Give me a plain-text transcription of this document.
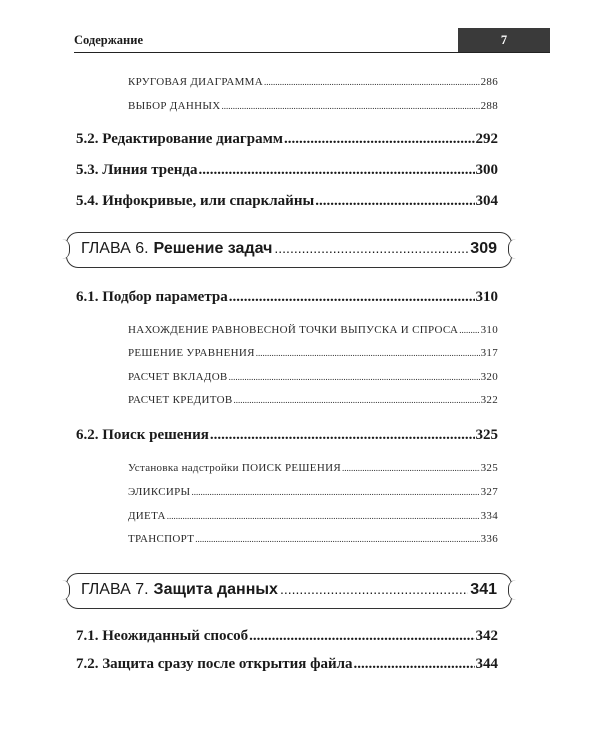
Содержание	7
КРУГОВАЯ ДИАГРАММА .....	286
ВЫБОР ДАННЫХ .....	288
5.2. Редактирование диаграмм .....	292
5.3. Линия тренда .....	300
5.4. Инфокривые, или спарклайны .....	304
ГЛАВА 6. Решение задач .....	309
6.1. Подбор параметра .....	310
НАХОЖДЕНИЕ РАВНОВЕСНОЙ ТОЧКИ ВЫПУСКА И СПРОСА ..... 310
РЕШЕНИЕ УРАВНЕНИЯ .....	317
РАСЧЕТ ВКЛАДОВ .....	320
РАСЧЕТ КРЕДИТОВ .....	322
6.2. Поиск решения .....	325
Установка надстройки ПОИСК РЕШЕНИЯ .....	325
ЭЛИКСИРЫ .....	327
ДИЕТА .....	334
ТРАНСПОРТ .....	336
ГЛАВА 7. Защита данных .....	341
7.1. Неожиданный способ .....	342
7.2. Защита сразу после открытия файла .....	344
